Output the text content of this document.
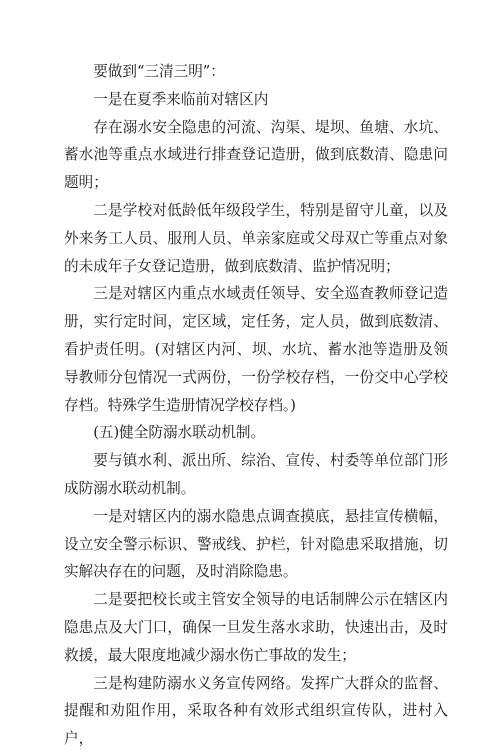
要做到“三清三明”：

一是在夏季来临前对辖区内

存在溺水安全隐患的河流、沟渠、堤坝、鱼塘、水坑、蓄水池等重点水域进行排查登记造册，做到底数清、隐患问题明；

二是学校对低龄低年级段学生，特别是留守儿童，以及外来务工人员、服刑人员、单亲家庭或父母双亡等重点对象的未成年子女登记造册，做到底数清、监护情况明；

三是对辖区内重点水域责任领导、安全巡查教师登记造册，实行定时间，定区域，定任务，定人员，做到底数清、看护责任明。(对辖区内河、坝、水坑、蓄水池等造册及领导教师分包情况一式两份，一份学校存档，一份交中心学校存档。特殊学生造册情况学校存档。)

(五)健全防溺水联动机制。

要与镇水利、派出所、综治、宣传、村委等单位部门形成防溺水联动机制。

一是对辖区内的溺水隐患点调查摸底，悬挂宣传横幅，设立安全警示标识、警戒线、护栏，针对隐患采取措施，切实解决存在的问题，及时消除隐患。

二是要把校长或主管安全领导的电话制牌公示在辖区内隐患点及大门口，确保一旦发生落水求助，快速出击，及时救援，最大限度地减少溺水伤亡事故的发生；

三是构建防溺水义务宣传网络。发挥广大群众的监督、提醒和劝阻作用，采取各种有效形式组织宣传队，进村入户，
